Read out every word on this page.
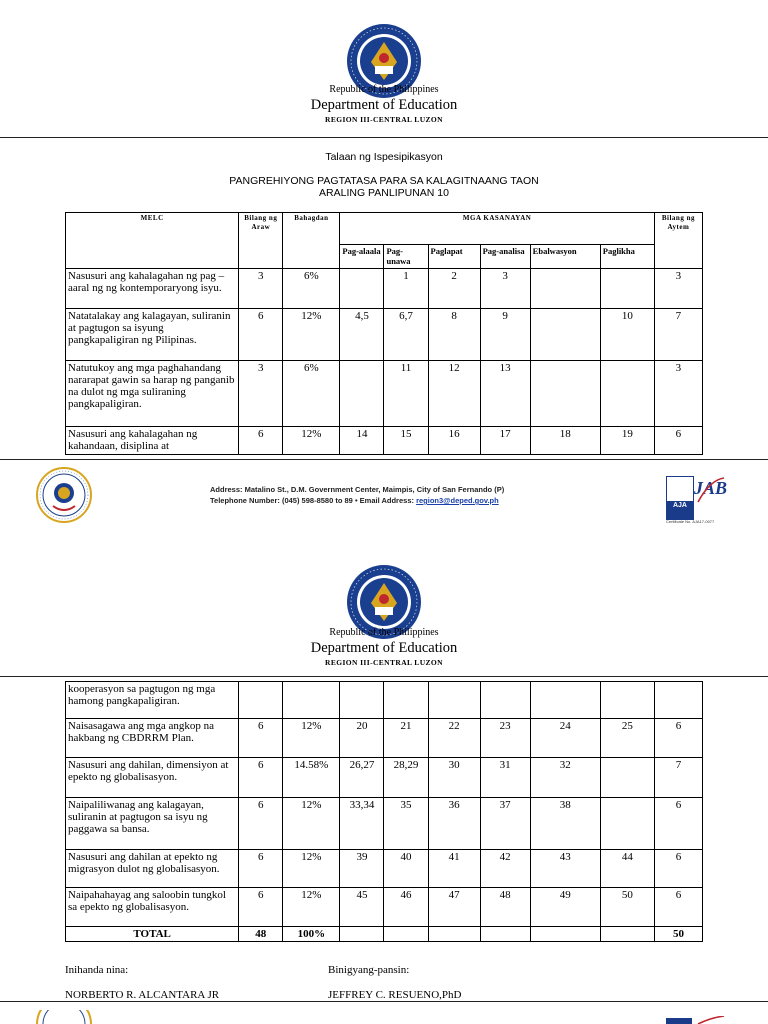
Republic of the Philippines
Department of Education
REGION III-CENTRAL LUZON
Talaan ng Ispesipikasyon
PANGREHIYONG PAGTATASA PARA SA KALAGITNAANG TAON
ARALING PANLIPUNAN 10
MELC	Bilang ng Araw	Bahagdan	MGA KASANAYAN						Bilang ng Aytem
			Pag-alaala	Pag-unawa	Paglapat	Pag-analisa	Ebalwasyon	Paglikha	
Nasusuri ang kahalagahan ng pag – aaral ng ng kontemporaryong isyu.	3	6%		1	2	3			3
Natatalakay ang kalagayan, suliranin at pagtugon sa isyung pangkapaligiran ng Pilipinas.	6	12%	4,5	6,7	8	9		10	7
Natutukoy ang mga paghahandang nararapat gawin sa harap ng panganib na dulot ng mga suliraning pangkapaligiran.	3	6%		11	12	13			3
Nasusuri ang kahalagahan ng kahandaan, disiplina at	6	12%	14	15	16	17	18	19	6
Address: Matalino St., D.M. Government Center, Maimpis, City of San Fernando (P)
Telephone Number: (045) 598-8580 to 89 • Email Address: region3@deped.gov.ph
AJA
JAB
Certificate No. AJA17-0077
Republic of the Philippines
Department of Education
REGION III-CENTRAL LUZON
kooperasyon sa pagtugon ng mga hamong pangkapaligiran.									
Naisasagawa ang mga angkop na hakbang ng CBDRRM Plan.	6	12%	20	21	22	23	24	25	6
Nasusuri ang dahilan, dimensiyon at epekto ng globalisasyon.	6	14.58%	26,27	28,29	30	31	32		7
Naipaliliwanag ang kalagayan, suliranin at pagtugon sa isyu ng paggawa sa bansa.	6	12%	33,34	35	36	37	38		6
Nasusuri ang dahilan at epekto ng migrasyon dulot ng globalisasyon.	6	12%	39	40	41	42	43	44	6
Naipahahayag ang saloobin tungkol sa epekto ng globalisasyon.	6	12%	45	46	47	48	49	50	6
TOTAL	48	100%							50
Inihanda nina:	Binigyang-pansin:
NORBERTO R. ALCANTARA JR	JEFFREY C. RESUENO,PhD
